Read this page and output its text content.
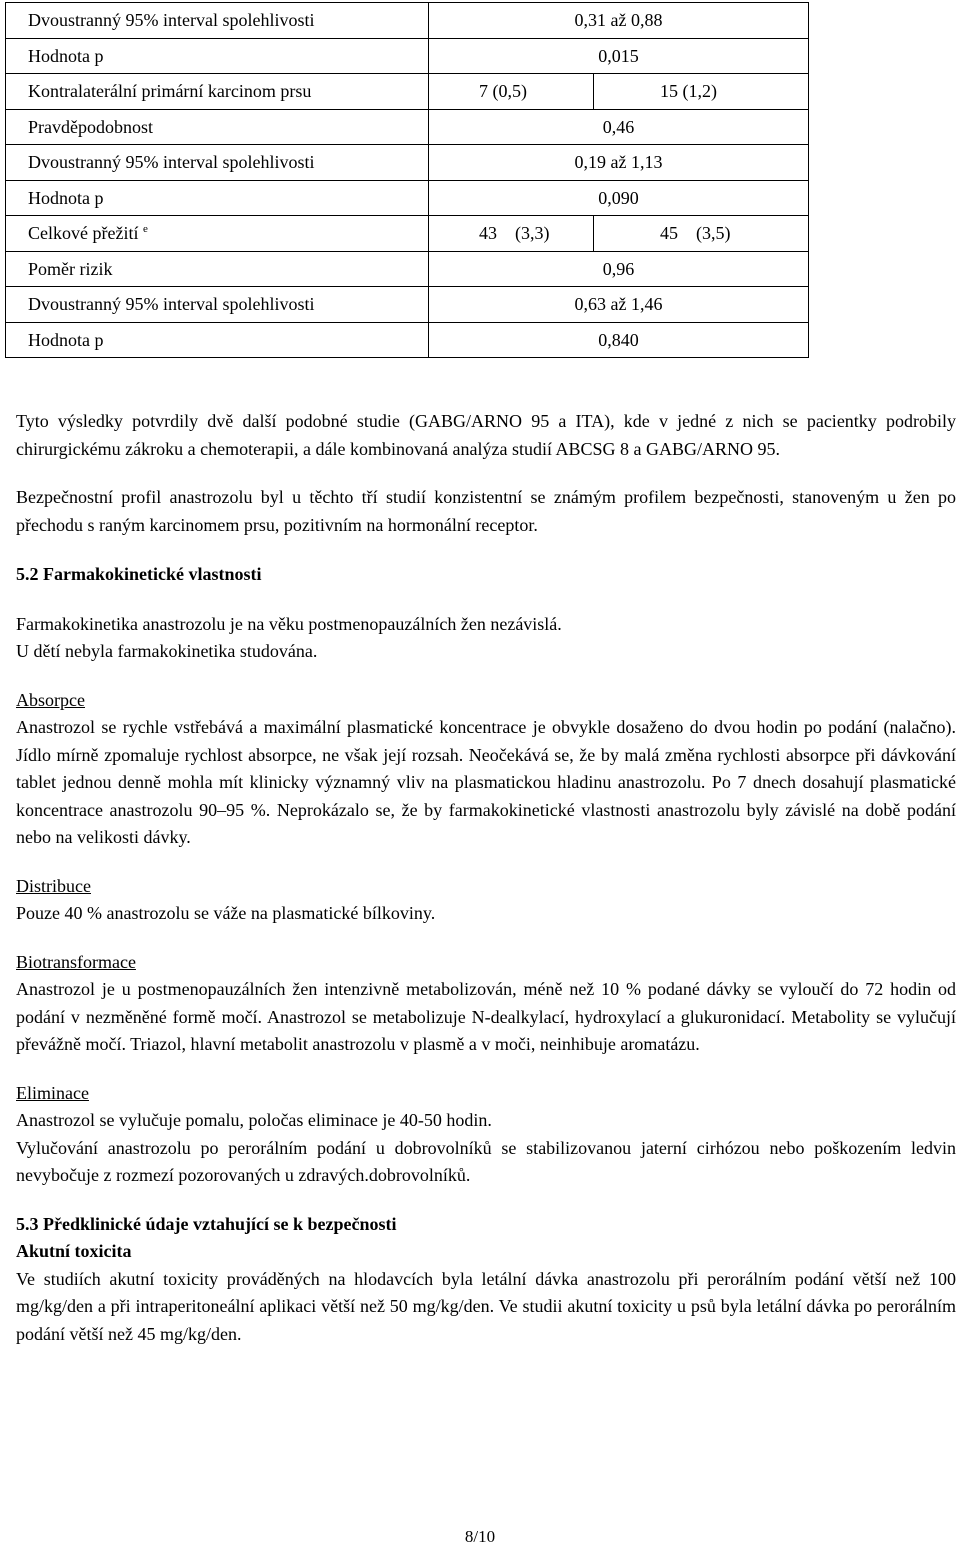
Dvoustranný 95% interval spolehlivosti	0,31 až 0,88	
Hodnota p	0,015	
Kontralaterální primární karcinom prsu	7 (0,5)	15 (1,2)
Pravděpodobnost	0,46	
Dvoustranný 95% interval spolehlivosti	0,19 až 1,13	
Hodnota p	0,090	
Celkové přežití $^e$	43    (3,3)	45    (3,5)
Poměr rizik	0,96	
Dvoustranný 95% interval spolehlivosti	0,63 až 1,46	
Hodnota p	0,840	

Tyto výsledky potvrdily dvě další podobné studie (GABG/ARNO 95 a ITA), kde v jedné z nich se pacientky podrobily chirurgickému zákroku a chemoterapii, a dále kombinovaná analýza studií ABCSG 8 a GABG/ARNO 95.

Bezpečnostní profil anastrozolu byl u těchto tří studií konzistentní se známým profilem bezpečnosti, stanoveným u žen po přechodu s raným karcinomem prsu, pozitivním na hormonální receptor.

5.2 Farmakokinetické vlastnosti

Farmakokinetika anastrozolu je na věku postmenopauzálních žen nezávislá.

U dětí nebyla farmakokinetika studována.

Absorpce

Anastrozol se rychle vstřebává a maximální plasmatické koncentrace je obvykle dosaženo do dvou hodin po podání (nalačno). Jídlo mírně zpomaluje rychlost absorpce, ne však její rozsah. Neočekává se, že by malá změna rychlosti absorpce při dávkování tablet jednou denně mohla mít klinicky významný vliv na plasmatickou hladinu anastrozolu. Po 7 dnech dosahují plasmatické koncentrace anastrozolu 90–95 %. Neprokázalo se, že by farmakokinetické vlastnosti anastrozolu byly závislé na době podání nebo na velikosti dávky.

Distribuce

Pouze 40 % anastrozolu se váže na plasmatické bílkoviny.

Biotransformace

Anastrozol je u postmenopauzálních žen intenzivně metabolizován, méně než 10 % podané dávky se vyloučí do 72 hodin od podání v nezměněné formě močí. Anastrozol se metabolizuje N-dealkylací, hydroxylací a glukuronidací. Metabolity se vylučují převážně močí. Triazol, hlavní metabolit anastrozolu v plasmě a v moči, neinhibuje aromatázu.

Eliminace

Anastrozol se vylučuje pomalu, poločas eliminace je 40-50 hodin.

Vylučování anastrozolu po perorálním podání u dobrovolníků se stabilizovanou jaterní cirhózou nebo poškozením ledvin nevybočuje z rozmezí pozorovaných u zdravých.dobrovolníků.

5.3 Předklinické údaje vztahující se k bezpečnosti

Akutní toxicita

Ve studiích akutní toxicity prováděných na hlodavcích byla letální dávka anastrozolu při perorálním podání větší než 100 mg/kg/den a při intraperitoneální aplikaci větší než 50 mg/kg/den. Ve studii akutní toxicity u psů byla letální dávka po perorálním podání větší než 45 mg/kg/den.

8/10
